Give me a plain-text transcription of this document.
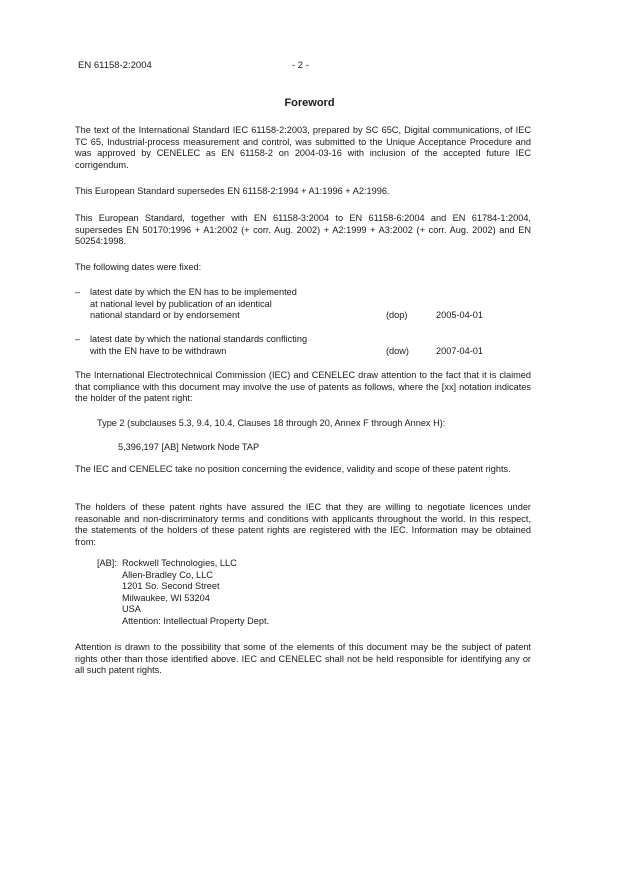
EN 61158-2:2004	- 2 -
Foreword
The text of the International Standard IEC 61158-2:2003, prepared by SC 65C, Digital communications, of IEC TC 65, Industrial-process measurement and control, was submitted to the Unique Acceptance Procedure and was approved by CENELEC as EN 61158-2 on 2004-03-16 with inclusion of the accepted future IEC corrigendum.
This European Standard supersedes EN 61158-2:1994 + A1:1996 + A2:1996.
This European Standard, together with EN 61158-3:2004 to EN 61158-6:2004 and EN 61784-1:2004, supersedes EN 50170:1996 + A1:2002 (+ corr. Aug. 2002) + A2:1999 + A3:2002 (+ corr. Aug. 2002) and EN 50254:1998.
The following dates were fixed:
– latest date by which the EN has to be implemented
at national level by publication of an identical
national standard or by endorsement	(dop)	2005-04-01
– latest date by which the national standards conflicting
with the EN have to be withdrawn	(dow)	2007-04-01
The International Electrotechnical Commission (IEC) and CENELEC draw attention to the fact that it is claimed that compliance with this document may involve the use of patents as follows, where the [xx] notation indicates the holder of the patent right:
Type 2 (subclauses 5.3, 9.4, 10.4, Clauses 18 through 20, Annex F through Annex H):
5,396,197 [AB] Network Node TAP
The IEC and CENELEC take no position concerning the evidence, validity and scope of these patent rights.
The holders of these patent rights have assured the IEC that they are willing to negotiate licences under reasonable and non-discriminatory terms and conditions with applicants throughout the world. In this respect, the statements of the holders of these patent rights are registered with the IEC. Information may be obtained from:
[AB]: Rockwell Technologies, LLC
Allen-Bradley Co, LLC
1201 So. Second Street
Milwaukee, WI 53204
USA
Attention: Intellectual Property Dept.
Attention is drawn to the possibility that some of the elements of this document may be the subject of patent rights other than those identified above. IEC and CENELEC shall not be held responsible for identifying any or all such patent rights.
